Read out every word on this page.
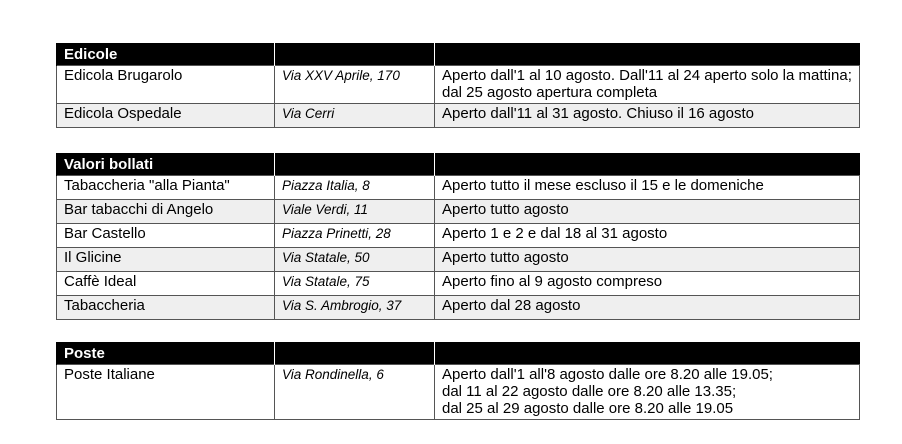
Edicole		
Edicola Brugarolo	Via XXV Aprile, 170	Aperto dall'1 al 10 agosto. Dall'11 al 24 aperto solo la mattina; dal 25 agosto apertura completa
Edicola Ospedale	Via Cerri	Aperto dall'11 al 31 agosto. Chiuso il 16 agosto
Valori bollati		
Tabaccheria "alla Pianta"	Piazza Italia, 8	Aperto tutto il mese escluso il 15 e le domeniche
Bar tabacchi di Angelo	Viale Verdi, 11	Aperto tutto agosto
Bar Castello	Piazza Prinetti, 28	Aperto 1 e 2 e dal 18 al 31 agosto
Il Glicine	Via Statale, 50	Aperto tutto agosto
Caffè Ideal	Via Statale, 75	Aperto fino al 9 agosto compreso
Tabaccheria	Via S. Ambrogio, 37	Aperto dal 28 agosto
Poste		
Poste Italiane	Via Rondinella, 6	Aperto dall'1 all'8 agosto dalle ore 8.20 alle 19.05;
dal 11 al 22 agosto dalle ore 8.20 alle 13.35;
dal 25 al 29 agosto dalle ore 8.20 alle 19.05
